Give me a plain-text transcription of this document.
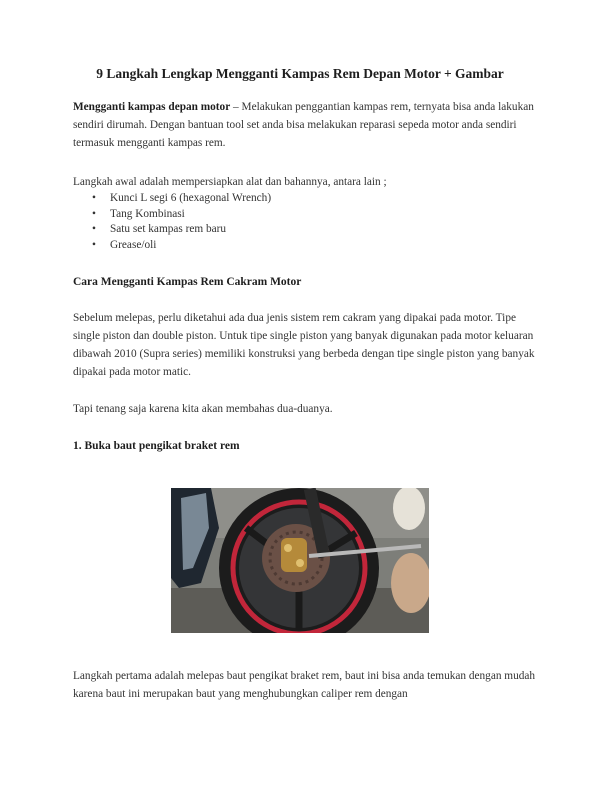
9 Langkah Lengkap Mengganti Kampas Rem Depan Motor + Gambar

Mengganti kampas depan motor – Melakukan penggantian kampas rem, ternyata bisa anda lakukan sendiri dirumah. Dengan bantuan tool set anda bisa melakukan reparasi sepeda motor anda sendiri termasuk mengganti kampas rem.

Langkah awal adalah mempersiapkan alat dan bahannya, antara lain ;

• Kunci L segi 6 (hexagonal Wrench)
• Tang Kombinasi
• Satu set kampas rem baru
• Grease/oli
Cara Mengganti Kampas Rem Cakram Motor

Sebelum melepas, perlu diketahui ada dua jenis sistem rem cakram yang dipakai pada motor. Tipe single piston dan double piston. Untuk tipe single piston yang banyak digunakan pada motor keluaran dibawah 2010 (Supra series) memiliki konstruksi yang berbeda dengan tipe single piston yang banyak dipakai pada motor matic.

Tapi tenang saja karena kita akan membahas dua-duanya.

1. Buka baut pengikat braket rem

Langkah pertama adalah melepas baut pengikat braket rem, baut ini bisa anda temukan dengan mudah karena baut ini merupakan baut yang menghubungkan caliper rem dengan
